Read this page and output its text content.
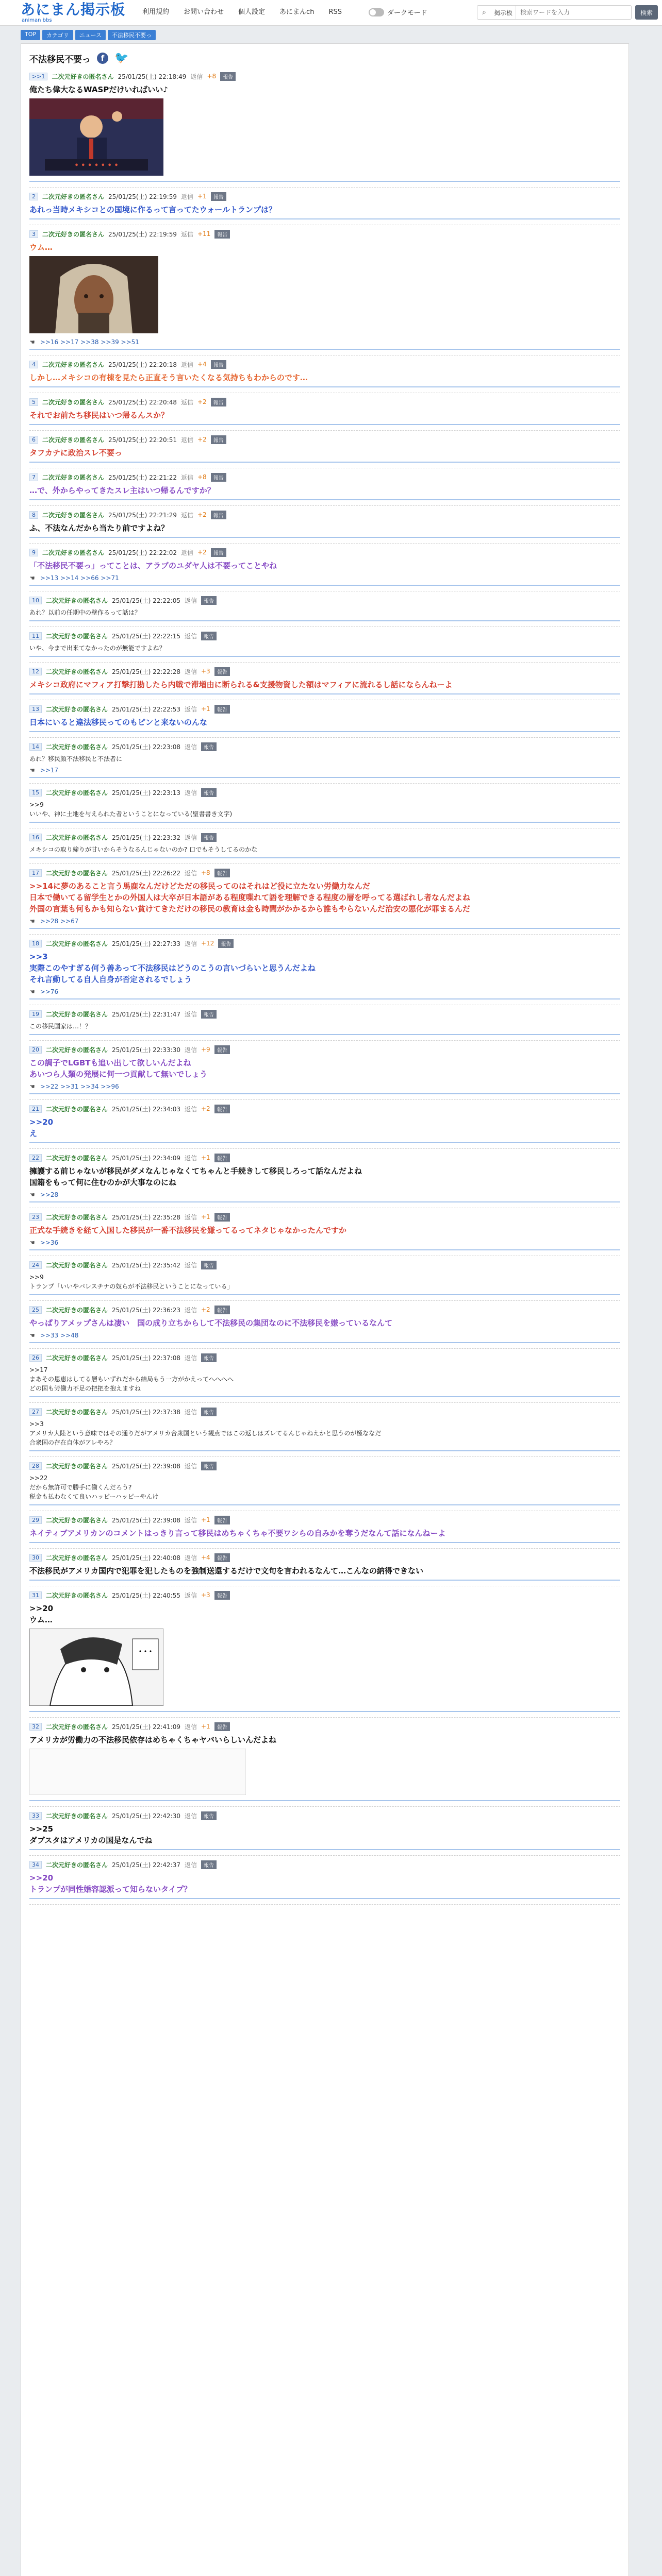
あにまん掲示板
animan bbs
利用規約	お問い合わせ	個人設定	あにまんch	RSS	ダークモード	⌕	掲示板
検索ワードを入力	検索
TOP	カテゴリ	ニュース	不法移民不要っ
不法移民不要っ	f 🐦
>>1	二次元好きの匿名さん 25/01/25(土) 22:18:49 返信 +8	報告
俺たち偉大なるWASPだけいればいい♪
• • • • • • •
2	二次元好きの匿名さん 25/01/25(土) 22:19:59 返信 +1	報告
あれっ当時メキシコとの国境に作るって言ってたウォールトランプは？
3	二次元好きの匿名さん 25/01/25(土) 22:19:59 返信 +11	報告
ウム…
☚ >>16 >>17 >>38 >>39 >>51
4	二次元好きの匿名さん 25/01/25(土) 22:20:18 返信 +4	報告
しかし…メキシコの有棟を見たら正直そう言いたくなる気持ちもわからのです…
5	二次元好きの匿名さん 25/01/25(土) 22:20:48 返信 +2	報告
それでお前たち移民はいつ帰るんスか？
6	二次元好きの匿名さん 25/01/25(土) 22:20:51 返信 +2	報告
タフカテに政治スレ不要っ
7	二次元好きの匿名さん 25/01/25(土) 22:21:22 返信 +8	報告
…で、外からやってきたスレ主はいつ帰るんですか？
8	二次元好きの匿名さん 25/01/25(土) 22:21:29 返信 +2	報告
ふ、不法なんだから当たり前ですよね？
9	二次元好きの匿名さん 25/01/25(土) 22:22:02 返信 +2	報告
「不法移民不要っ」ってことは、アラブのユダヤ人は不要ってことやね
☚ >>13 >>14 >>66 >>71
10	二次元好きの匿名さん 25/01/25(土) 22:22:05 返信	報告
あれ？以前の任期中の壁作るって話は？
11	二次元好きの匿名さん 25/01/25(土) 22:22:15 返信	報告
いや、今まで出来てなかったのが無能ですよね？
12	二次元好きの匿名さん 25/01/25(土) 22:22:28 返信 +3	報告
メキシコ政府にマフィア打撃打勘したら内戦で滞増由に断られる&支援物資した額はマフィアに流れるし話にならんねーよ
13	二次元好きの匿名さん 25/01/25(土) 22:22:53 返信 +1	報告
日本にいると違法移民ってのもピンと来ないのんな
14	二次元好きの匿名さん 25/01/25(土) 22:23:08 返信	報告
あれ？移民顔不法移民と不法者に
☚ >>17
15	二次元好きの匿名さん 25/01/25(土) 22:23:13 返信	報告
>>9
いいや、神に土地を与えられた者ということになっている(聖書書き文字)
16	二次元好きの匿名さん 25/01/25(土) 22:23:32 返信	報告
メキシコの取り締りが甘いからそうなるんじゃないのか? 口でもそうしてるのかな
17	二次元好きの匿名さん 25/01/25(土) 22:26:22 返信 +8	報告
>>14に夢のあること言う馬鹿なんだけどただの移民ってのはそれはど役に立たない労働力なんだ
日本で働いてる留学生とかの外国人は大卒が日本語がある程度喋れて語を理解できる程度の層を呼ってる選ばれし者なんだよね
外国の言葉も何もかも知らない貧けてきただけの移民の教育は金も時間がかかるから誰もやらないんだ治安の悪化が罪まるんだ
☚ >>28 >>67
18	二次元好きの匿名さん 25/01/25(土) 22:27:33 返信 +12	報告
>>3
実際このやすぎる何う善あって不法移民はどうのこうの言いづらいと思うんだよね
それ言動してる自人自身が否定されるでしょう
☚ >>76
19	二次元好きの匿名さん 25/01/25(土) 22:31:47 返信	報告
この移民国家は…！？
20	二次元好きの匿名さん 25/01/25(土) 22:33:30 返信 +9	報告
この調子でLGBTも追い出して欲しいんだよね
あいつら人類の発展に何一つ貢献して無いでしょう
☚ >>22 >>31 >>34 >>96
21	二次元好きの匿名さん 25/01/25(土) 22:34:03 返信 +2	報告
>>20
え
22	二次元好きの匿名さん 25/01/25(土) 22:34:09 返信 +1	報告
擁護する前じゃないが移民がダメなんじゃなくてちゃんと手続きして移民しろって話なんだよね
国籍をもって何に住むのかが大事なのにね
☚ >>28
23	二次元好きの匿名さん 25/01/25(土) 22:35:28 返信 +1	報告
正式な手続きを経て入国した移民が一番不法移民を嫌ってるってネタじゃなかったんですか
☚ >>36
24	二次元好きの匿名さん 25/01/25(土) 22:35:42 返信	報告
>>9
トランプ「いいやパレスチナの奴らが不法移民ということになっている」
25	二次元好きの匿名さん 25/01/25(土) 22:36:23 返信 +2	報告
やっぱりアメップさんは凄い　国の成り立ちからして不法移民の集団なのに不法移民を嫌っているなんて
☚ >>33 >>48
26	二次元好きの匿名さん 25/01/25(土) 22:37:08 返信	報告
>>17
まあその恩恵はしてる層もいずれだから結局もう一方がかえってへへへへ
どの国も労働力不足の把把を抱えますね
27	二次元好きの匿名さん 25/01/25(土) 22:37:38 返信	報告
>>3
アメリカ大陸という意味ではその通りだがアメリカ合衆国という観点ではこの返しはズレてるんじゃねえかと思うのが極ななだ
合衆国の存在自体がアレやろ？
28	二次元好きの匿名さん 25/01/25(土) 22:39:08 返信	報告
>>22
だから無許可で勝手に働くんだろう?
税金も払わなくて良いハッピーハッピーやんけ
29	二次元好きの匿名さん 25/01/25(土) 22:39:08 返信 +1	報告
ネイティブアメリカンのコメントはっきり言って移民はめちゃくちゃ不要ワシらの自みかを奪うだなんて話になんねーよ
30	二次元好きの匿名さん 25/01/25(土) 22:40:08 返信 +4	報告
不法移民がアメリカ国内で犯罪を犯したものを強制送還するだけで文句を言われるなんて…こんなの納得できない
31	二次元好きの匿名さん 25/01/25(土) 22:40:55 返信 +3	報告
>>20
ウム…
• • •
32	二次元好きの匿名さん 25/01/25(土) 22:41:09 返信 +1	報告
アメリカが労働力の不法移民依存はめちゃくちゃヤバいらしいんだよね
33	二次元好きの匿名さん 25/01/25(土) 22:42:30 返信	報告
>>25
ダブスタはアメリカの国是なんでね
34	二次元好きの匿名さん 25/01/25(土) 22:42:37 返信	報告
>>20
トランプが同性婚容認派って知らないタイプ？
